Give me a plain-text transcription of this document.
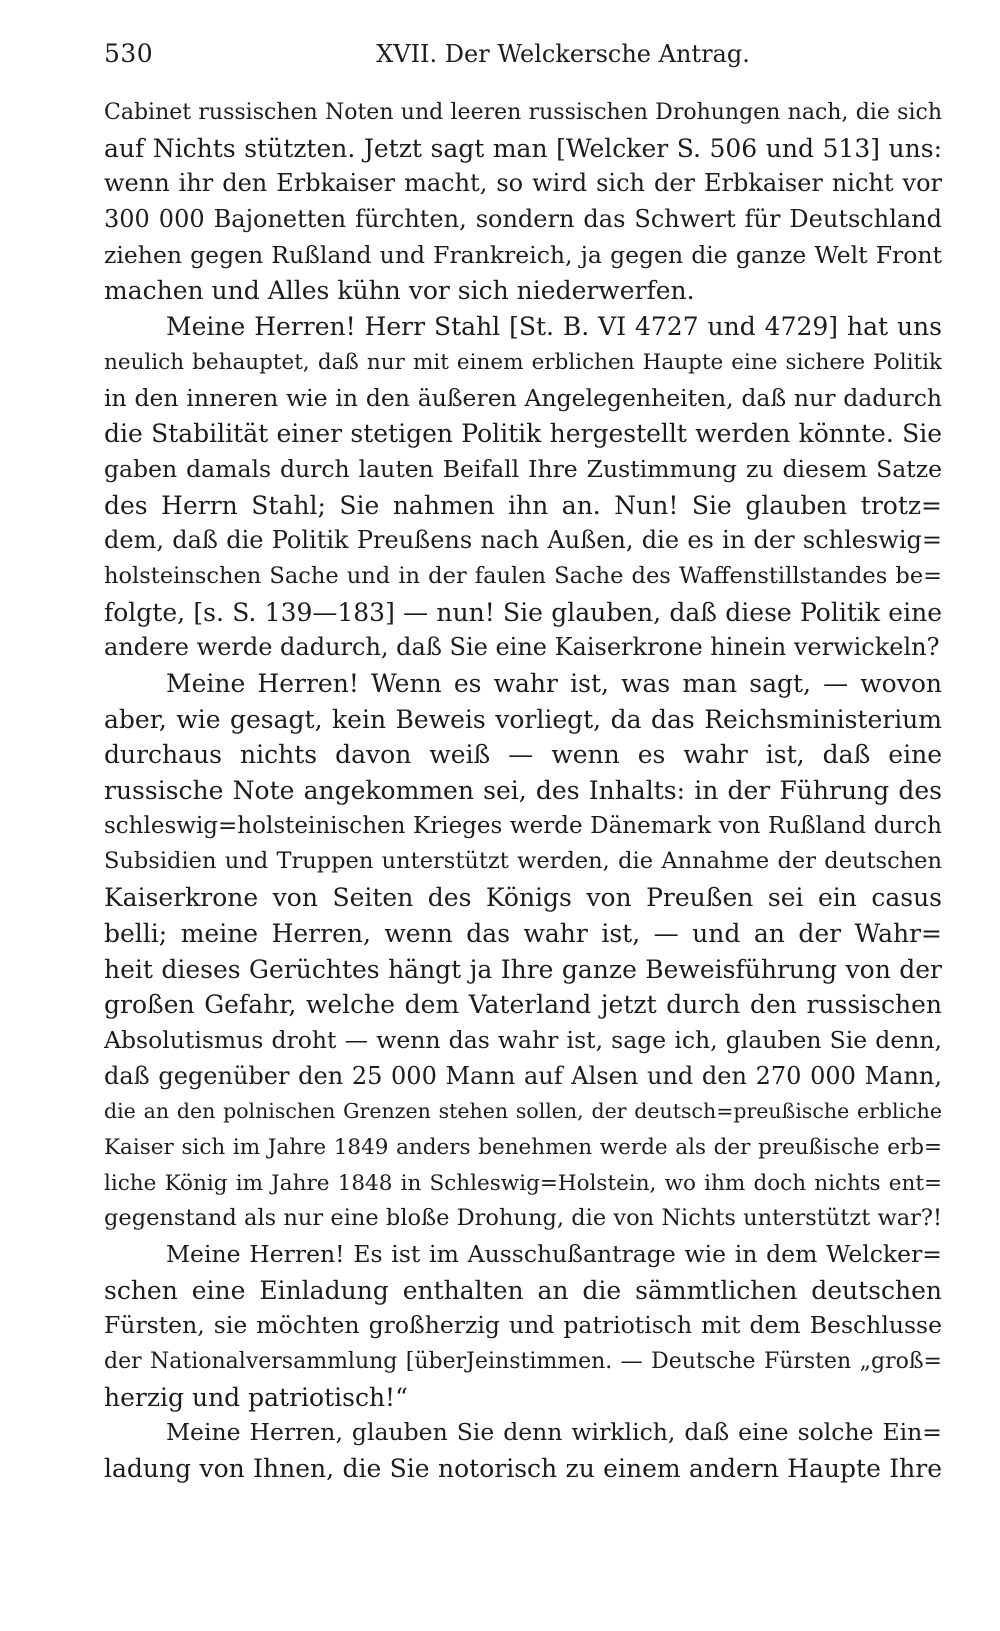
530	XVII. Der Welckersche Antrag.
Cabinet russischen Noten und leeren russischen Drohungen nach, die sich
auf Nichts stützten. Jetzt sagt man [Welcker S. 506 und 513] uns:
wenn ihr den Erbkaiser macht, so wird sich der Erbkaiser nicht vor
300 000 Bajonetten fürchten, sondern das Schwert für Deutschland
ziehen gegen Rußland und Frankreich, ja gegen die ganze Welt Front
machen und Alles kühn vor sich niederwerfen.
Meine Herren! Herr Stahl [St. B. VI 4727 und 4729] hat uns
neulich behauptet, daß nur mit einem erblichen Haupte eine sichere Politik
in den inneren wie in den äußeren Angelegenheiten, daß nur dadurch
die Stabilität einer stetigen Politik hergestellt werden könnte. Sie
gaben damals durch lauten Beifall Ihre Zustimmung zu diesem Satze
des Herrn Stahl; Sie nahmen ihn an. Nun! Sie glauben trotz=
dem, daß die Politik Preußens nach Außen, die es in der schleswig=
holsteinschen Sache und in der faulen Sache des Waffenstillstandes be=
folgte, [s. S. 139—183] — nun! Sie glauben, daß diese Politik eine
andere werde dadurch, daß Sie eine Kaiserkrone hinein verwickeln?
Meine Herren! Wenn es wahr ist, was man sagt, — wovon
aber, wie gesagt, kein Beweis vorliegt, da das Reichsministerium
durchaus nichts davon weiß — wenn es wahr ist, daß eine
russische Note angekommen sei, des Inhalts: in der Führung des
schleswig=holsteinischen Krieges werde Dänemark von Rußland durch
Subsidien und Truppen unterstützt werden, die Annahme der deutschen
Kaiserkrone von Seiten des Königs von Preußen sei ein casus
belli; meine Herren, wenn das wahr ist, — und an der Wahr=
heit dieses Gerüchtes hängt ja Ihre ganze Beweisführung von der
großen Gefahr, welche dem Vaterland jetzt durch den russischen
Absolutismus droht — wenn das wahr ist, sage ich, glauben Sie denn,
daß gegenüber den 25 000 Mann auf Alsen und den 270 000 Mann,
die an den polnischen Grenzen stehen sollen, der deutsch=preußische erbliche
Kaiser sich im Jahre 1849 anders benehmen werde als der preußische erb=
liche König im Jahre 1848 in Schleswig=Holstein, wo ihm doch nichts ent=
gegenstand als nur eine bloße Drohung, die von Nichts unterstützt war?!
Meine Herren! Es ist im Ausschußantrage wie in dem Welcker=
schen eine Einladung enthalten an die sämmtlichen deutschen
Fürsten, sie möchten großherzig und patriotisch mit dem Beschlusse
der Nationalversammlung [überJeinstimmen. — Deutsche Fürsten „groß=
herzig und patriotisch!“
Meine Herren, glauben Sie denn wirklich, daß eine solche Ein=
ladung von Ihnen, die Sie notorisch zu einem andern Haupte Ihre
